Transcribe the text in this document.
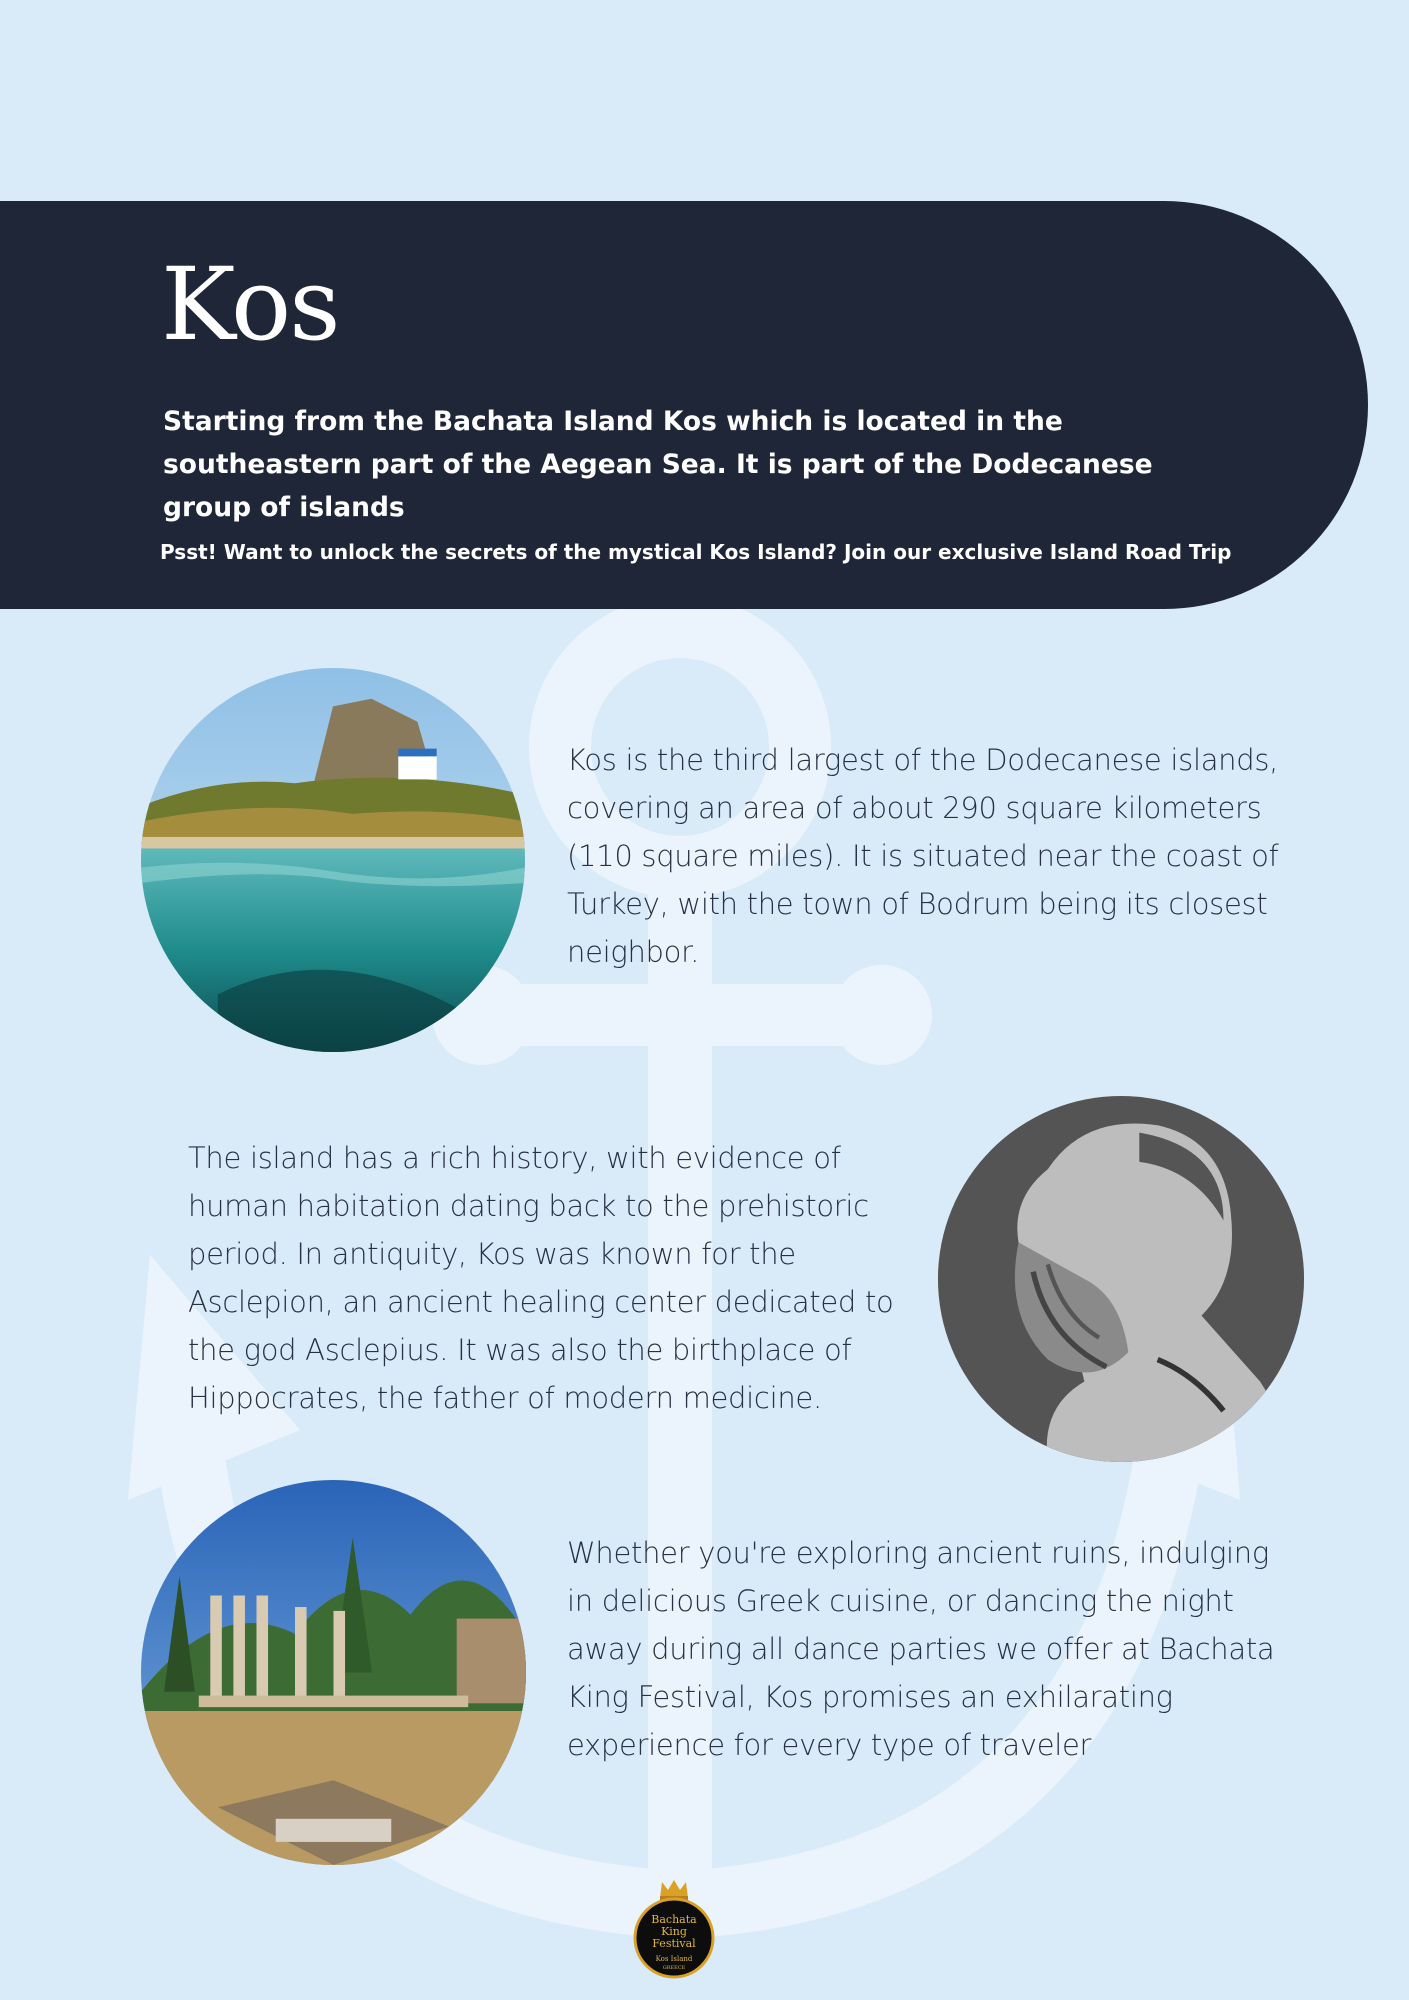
Kos

Starting from the Bachata Island Kos which is located in the southeastern part of the Aegean Sea. It is part of the Dodecanese group of islands

Psst! Want to unlock the secrets of the mystical Kos Island? Join our exclusive Island Road Trip

Kos is the third largest of the Dodecanese islands, covering an area of about 290 square kilometers (110 square miles). It is situated near the coast of Turkey, with the town of Bodrum being its closest neighbor.

The island has a rich history, with evidence of human habitation dating back to the prehistoric period. In antiquity, Kos was known for the Asclepion, an ancient healing center dedicated to the god Asclepius. It was also the birthplace of Hippocrates, the father of modern medicine.

Whether you're exploring ancient ruins, indulging in delicious Greek cuisine, or dancing the night away during all dance parties we offer at Bachata King Festival, Kos promises an exhilarating experience for every type of traveler

Bachata
King
Festival
Kos Island
GREECE
